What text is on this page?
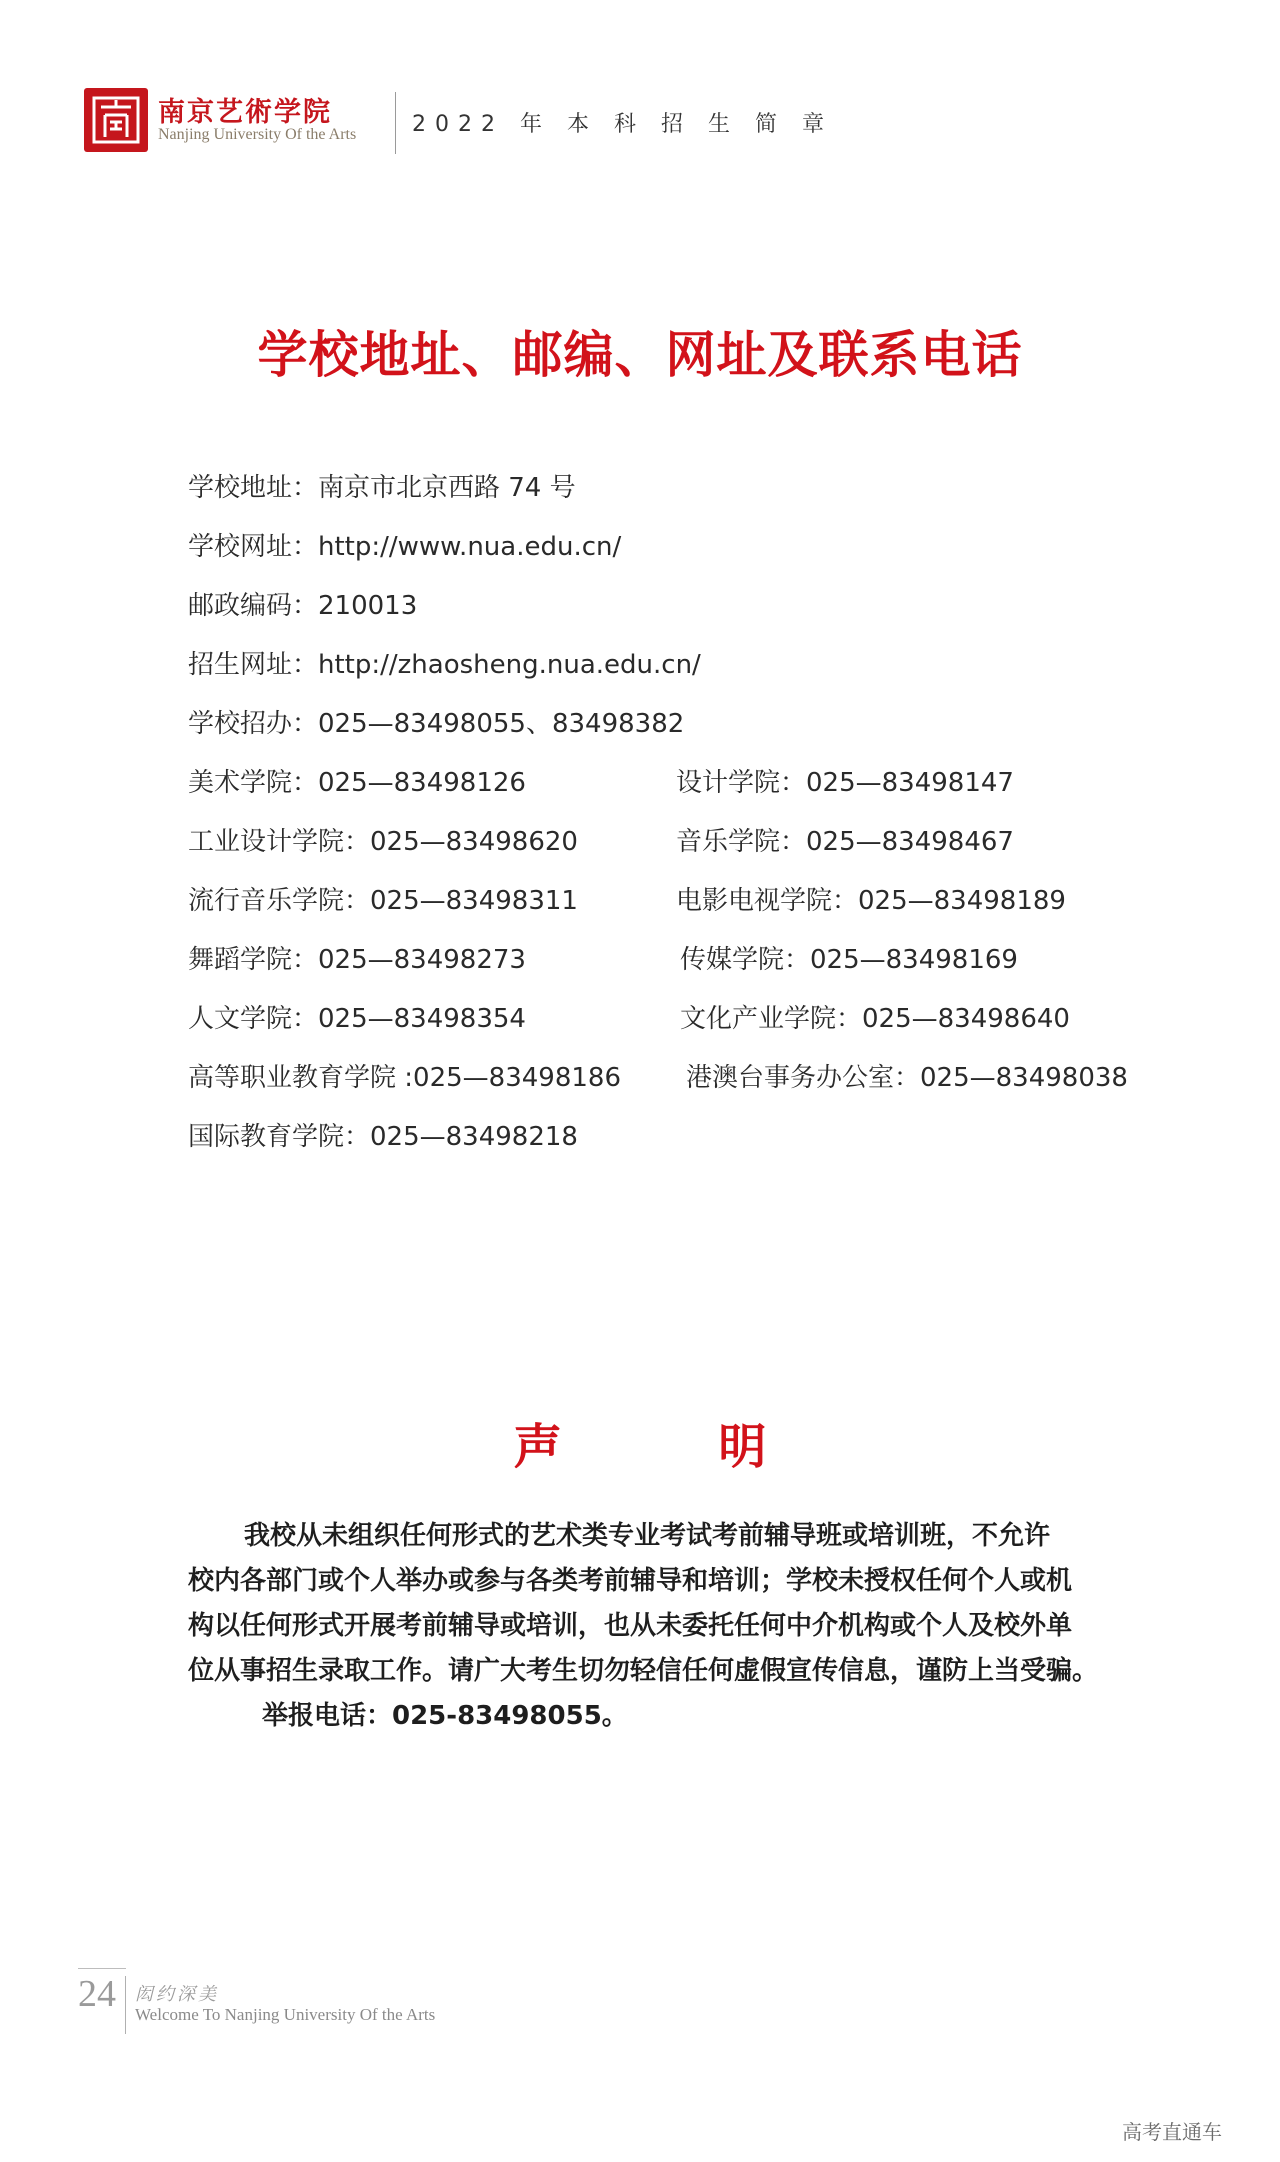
南京艺術学院
Nanjing University Of the Arts	2022 年 本 科 招 生 简 章
学校地址、邮编、网址及联系电话
学校地址：南京市北京西路 74 号
学校网址：http://www.nua.edu.cn/
邮政编码：210013
招生网址：http://zhaosheng.nua.edu.cn/
学校招办：025—83498055、83498382
美术学院：025—83498126
工业设计学院：025—83498620
流行音乐学院：025—83498311
舞蹈学院：025—83498273
人文学院：025—83498354
高等职业教育学院 :025—83498186
国际教育学院：025—83498218
设计学院：025—83498147
音乐学院：025—83498467
电影电视学院：025—83498189
传媒学院：025—83498169
文化产业学院：025—83498640
港澳台事务办公室：025—83498038
声 明
我校从未组织任何形式的艺术类专业考试考前辅导班或培训班，不允许
校内各部门或个人举办或参与各类考前辅导和培训；学校未授权任何个人或机
构以任何形式开展考前辅导或培训，也从未委托任何中介机构或个人及校外单
位从事招生录取工作。请广大考生切勿轻信任何虚假宣传信息，谨防上当受骗。
举报电话：025-83498055。
24 闳约深美
Welcome To Nanjing University Of the Arts
高考直通车
